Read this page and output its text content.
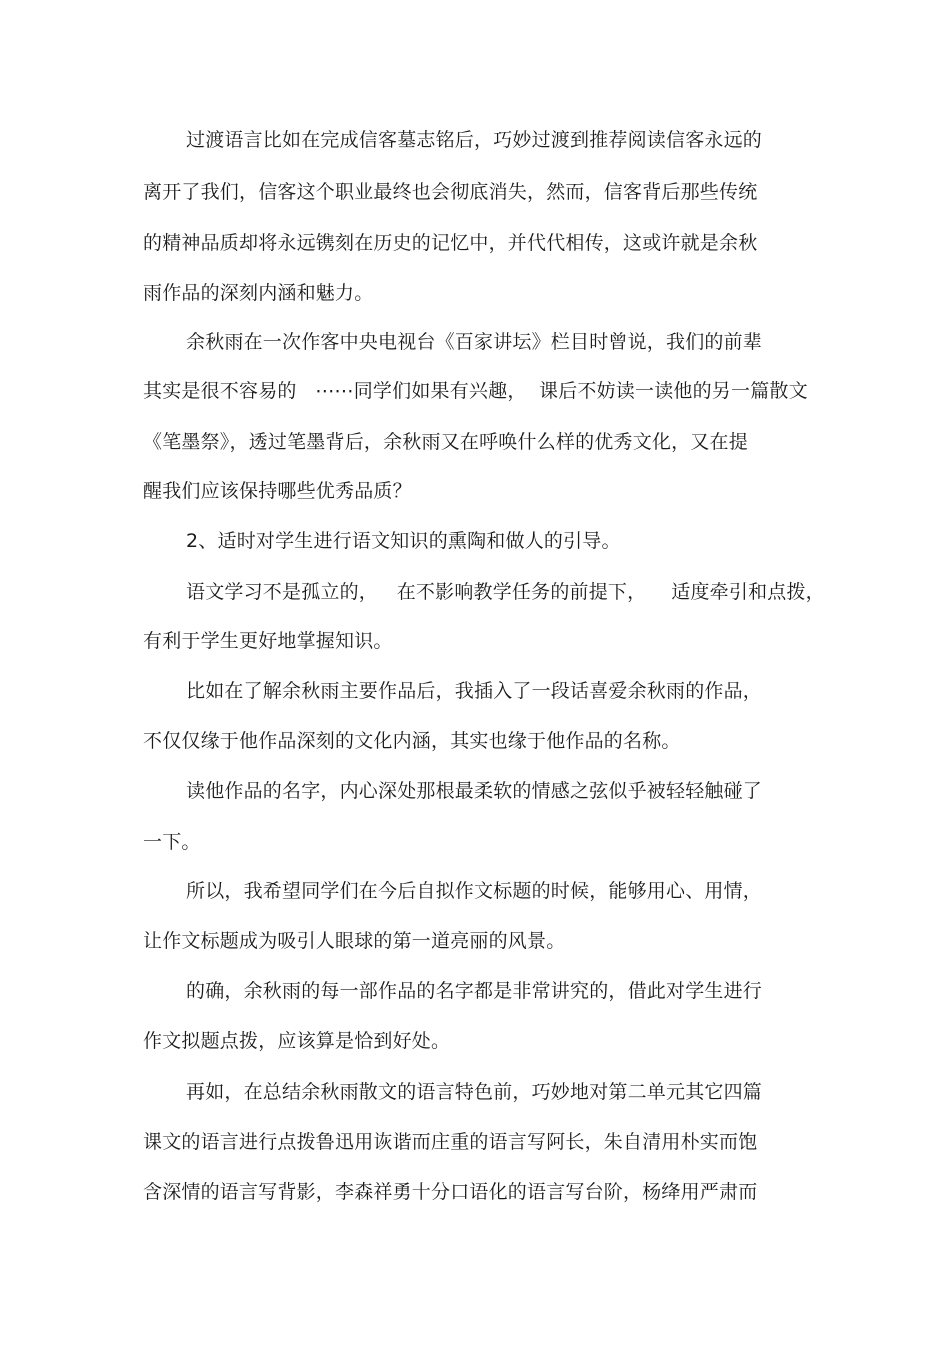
过渡语言比如在完成信客墓志铭后，巧妙过渡到推荐阅读信客永远的
离开了我们，信客这个职业最终也会彻底消失，然而，信客背后那些传统
的精神品质却将永远镌刻在历史的记忆中，并代代相传，这或许就是余秋
雨作品的深刻内涵和魅力。
余秋雨在一次作客中央电视台《百家讲坛》栏目时曾说，我们的前辈
其实是很不容易的   ⋯⋯同学们如果有兴趣，  课后不妨读一读他的另一篇散文
《笔墨祭》，透过笔墨背后，余秋雨又在呼唤什么样的优秀文化，又在提
醒我们应该保持哪些优秀品质？
2、适时对学生进行语文知识的熏陶和做人的引导。
语文学习不是孤立的，   在不影响教学任务的前提下，    适度牵引和点拨，
有利于学生更好地掌握知识。
比如在了解余秋雨主要作品后，我插入了一段话喜爱余秋雨的作品，
不仅仅缘于他作品深刻的文化内涵，其实也缘于他作品的名称。
读他作品的名字，内心深处那根最柔软的情感之弦似乎被轻轻触碰了
一下。
所以，我希望同学们在今后自拟作文标题的时候，能够用心、用情，
让作文标题成为吸引人眼球的第一道亮丽的风景。
的确，余秋雨的每一部作品的名字都是非常讲究的，借此对学生进行
作文拟题点拨，应该算是恰到好处。
再如，在总结余秋雨散文的语言特色前，巧妙地对第二单元其它四篇
课文的语言进行点拨鲁迅用诙谐而庄重的语言写阿长，朱自清用朴实而饱
含深情的语言写背影，李森祥勇十分口语化的语言写台阶，杨绛用严肃而
